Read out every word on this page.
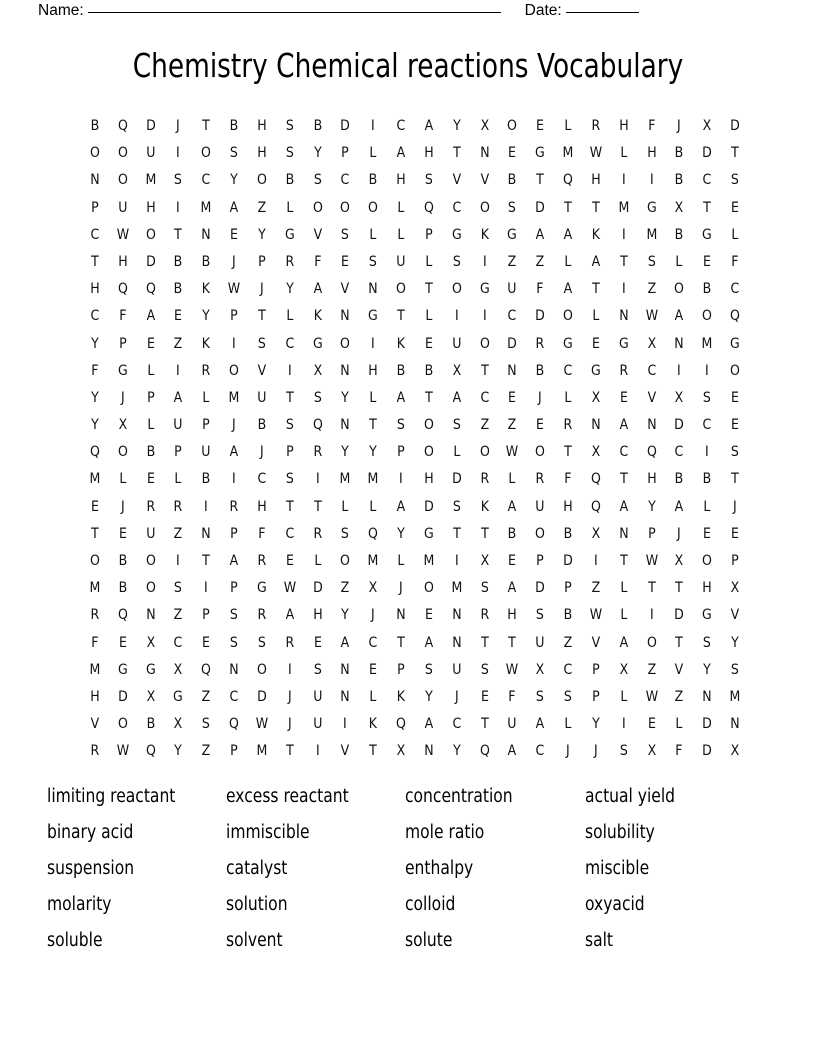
Name:	Date:
Chemistry Chemical reactions Vocabulary
B	Q	D	J	T	B	H	S	B	D	I	C	A	Y	X	O	E	L	R	H	F	J	X	D
O	O	U	I	O	S	H	S	Y	P	L	A	H	T	N	E	G	M	W	L	H	B	D	T
N	O	M	S	C	Y	O	B	S	C	B	H	S	V	V	B	T	Q	H	I	I	B	C	S
P	U	H	I	M	A	Z	L	O	O	O	L	Q	C	O	S	D	T	T	M	G	X	T	E
C	W	O	T	N	E	Y	G	V	S	L	L	P	G	K	G	A	A	K	I	M	B	G	L
T	H	D	B	B	J	P	R	F	E	S	U	L	S	I	Z	Z	L	A	T	S	L	E	F
H	Q	Q	B	K	W	J	Y	A	V	N	O	T	O	G	U	F	A	T	I	Z	O	B	C
C	F	A	E	Y	P	T	L	K	N	G	T	L	I	I	C	D	O	L	N	W	A	O	Q
Y	P	E	Z	K	I	S	C	G	O	I	K	E	U	O	D	R	G	E	G	X	N	M	G
F	G	L	I	R	O	V	I	X	N	H	B	B	X	T	N	B	C	G	R	C	I	I	O
Y	J	P	A	L	M	U	T	S	Y	L	A	T	A	C	E	J	L	X	E	V	X	S	E
Y	X	L	U	P	J	B	S	Q	N	T	S	O	S	Z	Z	E	R	N	A	N	D	C	E
Q	O	B	P	U	A	J	P	R	Y	Y	P	O	L	O	W	O	T	X	C	Q	C	I	S
M	L	E	L	B	I	C	S	I	M	M	I	H	D	R	L	R	F	Q	T	H	B	B	T
E	J	R	R	I	R	H	T	T	L	L	A	D	S	K	A	U	H	Q	A	Y	A	L	J
T	E	U	Z	N	P	F	C	R	S	Q	Y	G	T	T	B	O	B	X	N	P	J	E	E
O	B	O	I	T	A	R	E	L	O	M	L	M	I	X	E	P	D	I	T	W	X	O	P
M	B	O	S	I	P	G	W	D	Z	X	J	O	M	S	A	D	P	Z	L	T	T	H	X
R	Q	N	Z	P	S	R	A	H	Y	J	N	E	N	R	H	S	B	W	L	I	D	G	V
F	E	X	C	E	S	S	R	E	A	C	T	A	N	T	T	U	Z	V	A	O	T	S	Y
M	G	G	X	Q	N	O	I	S	N	E	P	S	U	S	W	X	C	P	X	Z	V	Y	S
H	D	X	G	Z	C	D	J	U	N	L	K	Y	J	E	F	S	S	P	L	W	Z	N	M
V	O	B	X	S	Q	W	J	U	I	K	Q	A	C	T	U	A	L	Y	I	E	L	D	N
R	W	Q	Y	Z	P	M	T	I	V	T	X	N	Y	Q	A	C	J	J	S	X	F	D	X
limiting reactant	excess reactant	concentration	actual yield
binary acid	immiscible	mole ratio	solubility
suspension	catalyst	enthalpy	miscible
molarity	solution	colloid	oxyacid
soluble	solvent	solute	salt
